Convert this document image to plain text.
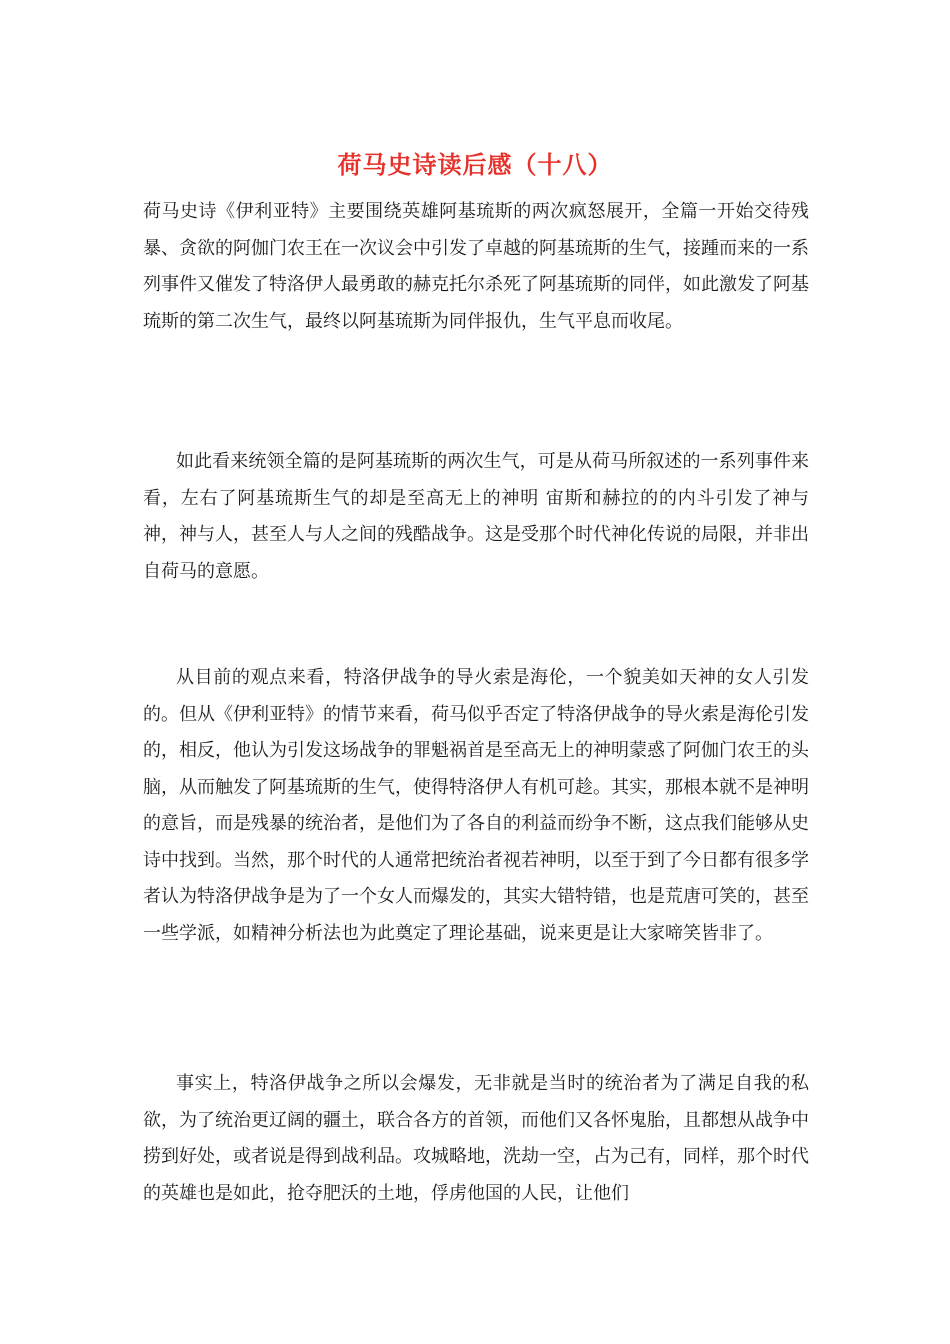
荷马史诗读后感（十八）

荷马史诗《伊利亚特》主要围绕英雄阿基琉斯的两次疯怒展开，全篇一开始交待残暴、贪欲的阿伽门农王在一次议会中引发了卓越的阿基琉斯的生气，接踵而来的一系列事件又催发了特洛伊人最勇敢的赫克托尔杀死了阿基琉斯的同伴，如此激发了阿基琉斯的第二次生气，最终以阿基琉斯为同伴报仇，生气平息而收尾。

如此看来统领全篇的是阿基琉斯的两次生气，可是从荷马所叙述的一系列事件来看，左右了阿基琉斯生气的却是至高无上的神明 宙斯和赫拉的的内斗引发了神与神，神与人，甚至人与人之间的残酷战争。这是受那个时代神化传说的局限，并非出自荷马的意愿。

从目前的观点来看，特洛伊战争的导火索是海伦，一个貌美如天神的女人引发的。但从《伊利亚特》的情节来看，荷马似乎否定了特洛伊战争的导火索是海伦引发的，相反，他认为引发这场战争的罪魁祸首是至高无上的神明蒙惑了阿伽门农王的头脑，从而触发了阿基琉斯的生气，使得特洛伊人有机可趁。其实，那根本就不是神明的意旨，而是残暴的统治者，是他们为了各自的利益而纷争不断，这点我们能够从史诗中找到。当然，那个时代的人通常把统治者视若神明，以至于到了今日都有很多学者认为特洛伊战争是为了一个女人而爆发的，其实大错特错，也是荒唐可笑的，甚至一些学派，如精神分析法也为此奠定了理论基础，说来更是让大家啼笑皆非了。

事实上，特洛伊战争之所以会爆发，无非就是当时的统治者为了满足自我的私欲，为了统治更辽阔的疆土，联合各方的首领，而他们又各怀鬼胎，且都想从战争中捞到好处，或者说是得到战利品。攻城略地，洗劫一空，占为己有，同样，那个时代的英雄也是如此，抢夺肥沃的土地，俘虏他国的人民，让他们
